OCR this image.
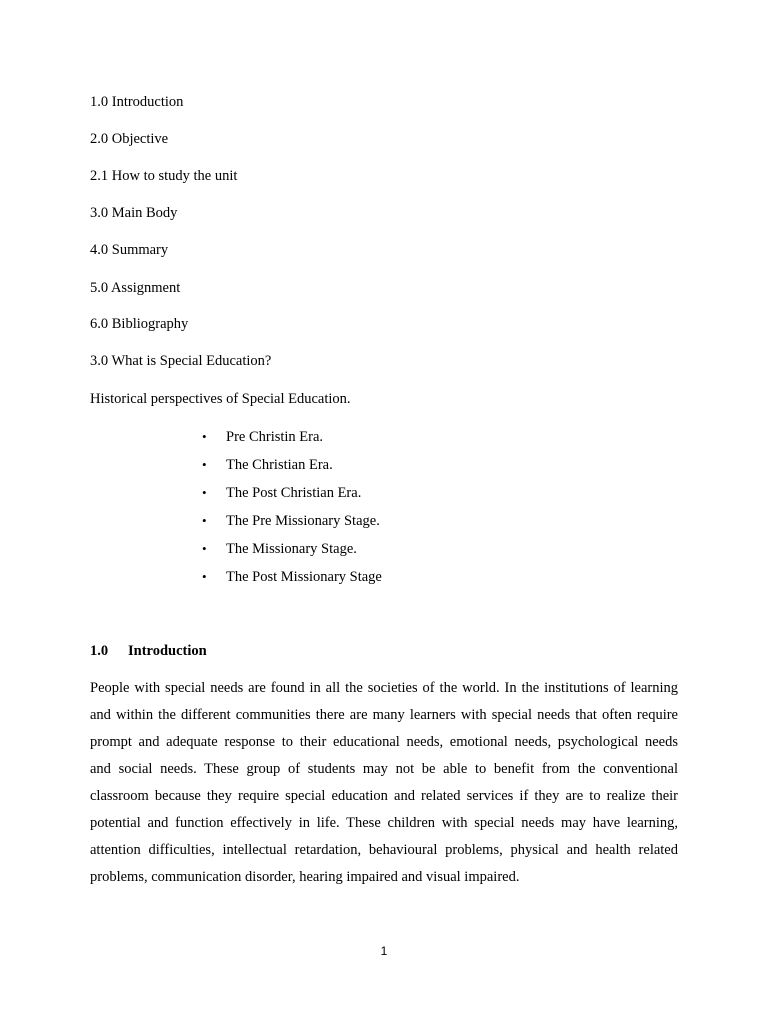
1.0 Introduction
2.0 Objective
2.1 How to study the unit
3.0 Main Body
4.0 Summary
5.0 Assignment
6.0 Bibliography
3.0 What is Special Education?
Historical perspectives of Special Education.
• Pre Christin Era.
• The Christian Era.
• The Post Christian Era.
• The Pre Missionary Stage.
• The Missionary Stage.
• The Post Missionary Stage
1.0 Introduction
People with special needs are found in all the societies of the world. In the institutions of learning
and within the different communities there are many learners with special needs that often require
prompt and adequate response to their educational needs, emotional needs, psychological needs
and social needs. These group of students may not be able to benefit from the conventional
classroom because they require special education and related services if they are to realize their
potential and function effectively in life. These children with special needs may have learning,
attention difficulties, intellectual retardation, behavioural problems, physical and health related
problems, communication disorder, hearing impaired and visual impaired.
1
